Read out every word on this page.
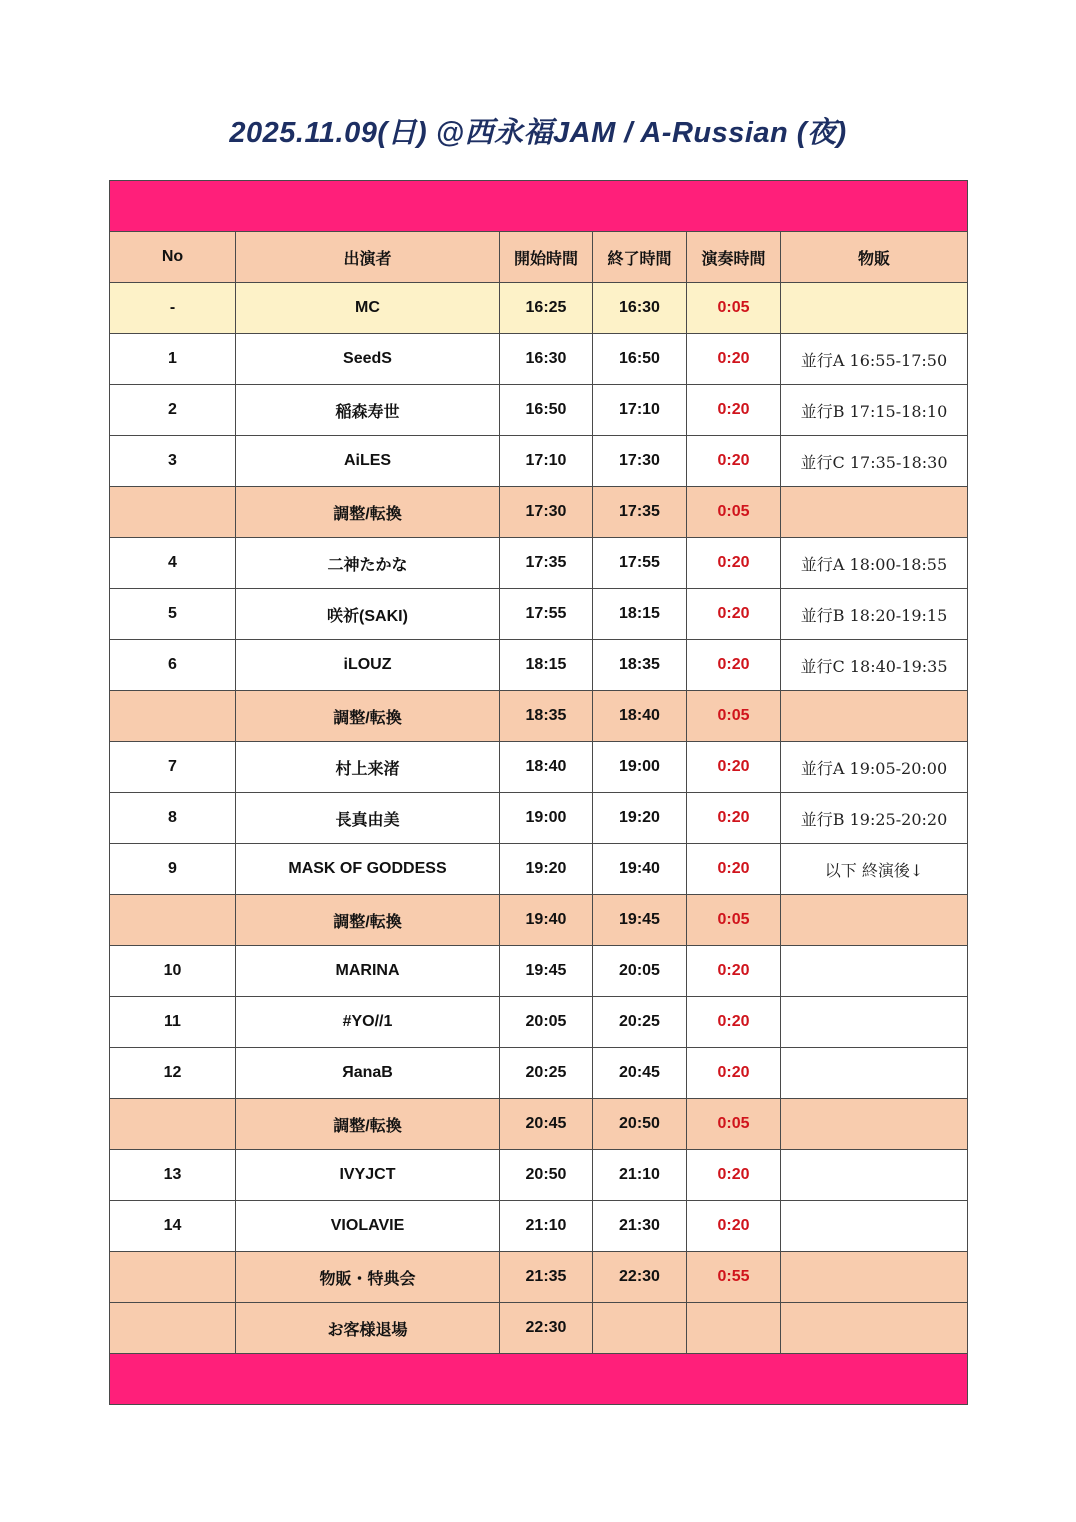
2025.11.09(日) @西永福JAM / A-Russian (夜)

No	出演者	開始時間	終了時間	演奏時間	物販
-	MC	16:25	16:30	0:05	
1	SeedS	16:30	16:50	0:20	並行A 16:55-17:50
2	稲森寿世	16:50	17:10	0:20	並行B 17:15-18:10
3	AiLES	17:10	17:30	0:20	並行C 17:35-18:30
	調整/転換	17:30	17:35	0:05	
4	二神たかな	17:35	17:55	0:20	並行A 18:00-18:55
5	咲祈(SAKI)	17:55	18:15	0:20	並行B 18:20-19:15
6	iLOUZ	18:15	18:35	0:20	並行C 18:40-19:35
	調整/転換	18:35	18:40	0:05	
7	村上来渚	18:40	19:00	0:20	並行A 19:05-20:00
8	長真由美	19:00	19:20	0:20	並行B 19:25-20:20
9	MASK OF GODDESS	19:20	19:40	0:20	以下 終演後↓
	調整/転換	19:40	19:45	0:05	
10	MARINA	19:45	20:05	0:20	
11	#YO//1	20:05	20:25	0:20	
12	ЯanaB	20:25	20:45	0:20	
	調整/転換	20:45	20:50	0:05	
13	IVYJCT	20:50	21:10	0:20	
14	VIOLAVIE	21:10	21:30	0:20	
	物販・特典会	21:35	22:30	0:55	
	お客様退場	22:30			
